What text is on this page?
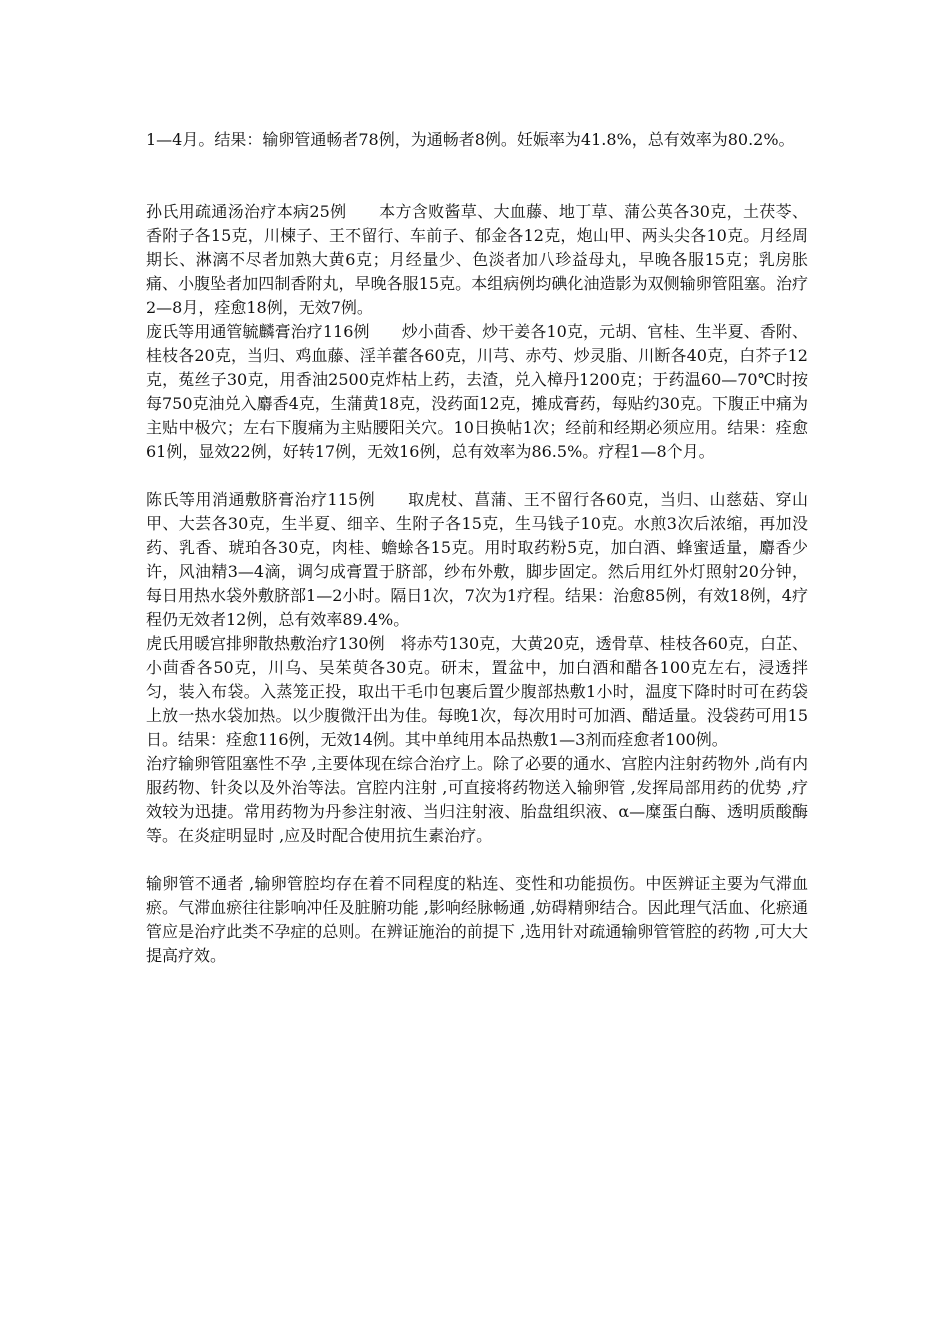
1—4月。结果：输卵管通畅者78例，为通畅者8例。妊娠率为41.8%，总有效率为80.2%。

孙氏用疏通汤治疗本病25例　　本方含败酱草、大血藤、地丁草、蒲公英各30克，土茯苓、香附子各15克，川楝子、王不留行、车前子、郁金各12克，炮山甲、两头尖各10克。月经周期长、淋漓不尽者加熟大黄6克；月经量少、色淡者加八珍益母丸，早晚各服15克；乳房胀痛、小腹坠者加四制香附丸，早晚各服15克。本组病例均碘化油造影为双侧输卵管阻塞。治疗2—8月，痊愈18例，无效7例。

庞氏等用通管毓麟膏治疗116例　　炒小茴香、炒干姜各10克，元胡、官桂、生半夏、香附、桂枝各20克，当归、鸡血藤、淫羊藿各60克，川芎、赤芍、炒灵脂、川断各40克，白芥子12克，菟丝子30克，用香油2500克炸枯上药，去渣，兑入樟丹1200克；于药温60—70℃时按每750克油兑入麝香4克，生蒲黄18克，没药面12克，摊成膏药，每贴约30克。下腹正中痛为主贴中极穴；左右下腹痛为主贴腰阳关穴。10日换帖1次；经前和经期必须应用。结果：痊愈61例，显效22例，好转17例，无效16例，总有效率为86.5%。疗程1—8个月。

陈氏等用消通敷脐膏治疗115例　　取虎杖、菖蒲、王不留行各60克，当归、山慈菇、穿山甲、大芸各30克，生半夏、细辛、生附子各15克，生马钱子10克。水煎3次后浓缩，再加没药、乳香、琥珀各30克，肉桂、蟾蜍各15克。用时取药粉5克，加白酒、蜂蜜适量，麝香少许，风油精3—4滴，调匀成膏置于脐部，纱布外敷，脚步固定。然后用红外灯照射20分钟，每日用热水袋外敷脐部1—2小时。隔日1次，7次为1疗程。结果：治愈85例，有效18例，4疗程仍无效者12例，总有效率89.4%。

虎氏用暖宫排卵散热敷治疗130例　将赤芍130克，大黄20克，透骨草、桂枝各60克，白芷、小茴香各50克，川乌、吴茱萸各30克。研末，置盆中，加白酒和醋各100克左右，浸透拌匀，装入布袋。入蒸笼正投，取出干毛巾包裹后置少腹部热敷1小时，温度下降时时可在药袋上放一热水袋加热。以少腹微汗出为佳。每晚1次，每次用时可加酒、醋适量。没袋药可用15日。结果：痊愈116例，无效14例。其中单纯用本品热敷1—3剂而痊愈者100例。

治疗输卵管阻塞性不孕 ,主要体现在综合治疗上。除了必要的通水、宫腔内注射药物外 ,尚有内服药物、针灸以及外治等法。宫腔内注射 ,可直接将药物送入输卵管 ,发挥局部用药的优势 ,疗效较为迅捷。常用药物为丹参注射液、当归注射液、胎盘组织液、α—糜蛋白酶、透明质酸酶等。在炎症明显时 ,应及时配合使用抗生素治疗。

输卵管不通者 ,输卵管腔均存在着不同程度的粘连、变性和功能损伤。中医辨证主要为气滞血瘀。气滞血瘀往往影响冲任及脏腑功能 ,影响经脉畅通 ,妨碍精卵结合。因此理气活血、化瘀通管应是治疗此类不孕症的总则。在辨证施治的前提下 ,选用针对疏通输卵管管腔的药物 ,可大大提高疗效。
